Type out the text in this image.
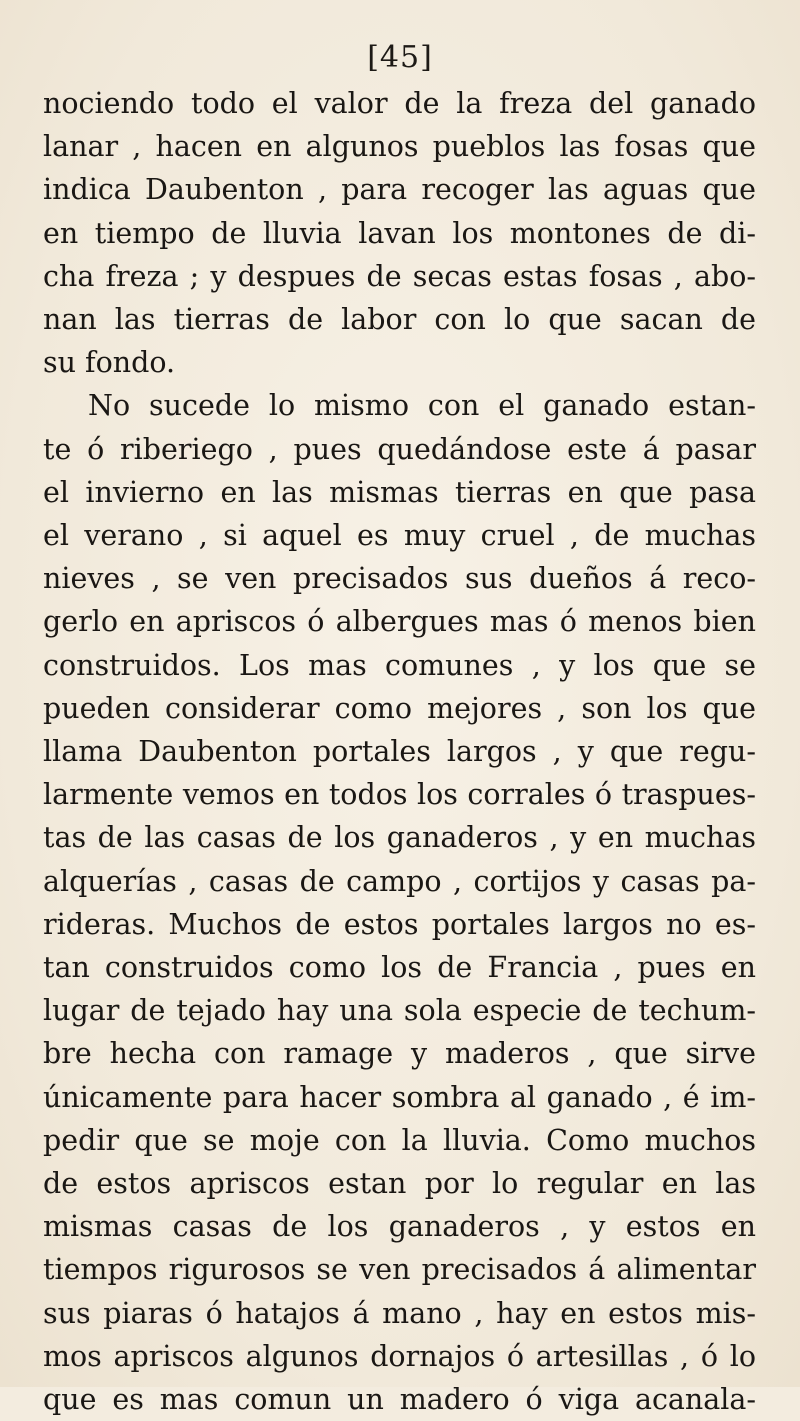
[45]
nociendo todo el valor de la freza del ganado
lanar , hacen en algunos pueblos las fosas que
indica Daubenton , para recoger las aguas que
en tiempo de lluvia lavan los montones de di-
cha freza ; y despues de secas estas fosas , abo-
nan las tierras de labor con lo que sacan de
su fondo.
No sucede lo mismo con el ganado estan-
te ó riberiego , pues quedándose este á pasar
el invierno en las mismas tierras en que pasa
el verano , si aquel es muy cruel , de muchas
nieves , se ven precisados sus dueños á reco-
gerlo en apriscos ó albergues mas ó menos bien
construidos. Los mas comunes , y los que se
pueden considerar como mejores , son los que
llama Daubenton portales largos , y que regu-
larmente vemos en todos los corrales ó traspues-
tas de las casas de los ganaderos , y en muchas
alquerías , casas de campo , cortijos y casas pa-
rideras. Muchos de estos portales largos no es-
tan construidos como los de Francia , pues en
lugar de tejado hay una sola especie de techum-
bre hecha con ramage y maderos , que sirve
únicamente para hacer sombra al ganado , é im-
pedir que se moje con la lluvia. Como muchos
de estos apriscos estan por lo regular en las
mismas casas de los ganaderos , y estos en
tiempos rigurosos se ven precisados á alimentar
sus piaras ó hatajos á mano , hay en estos mis-
mos apriscos algunos dornajos ó artesillas , ó lo
que es mas comun un madero ó viga acanala-
